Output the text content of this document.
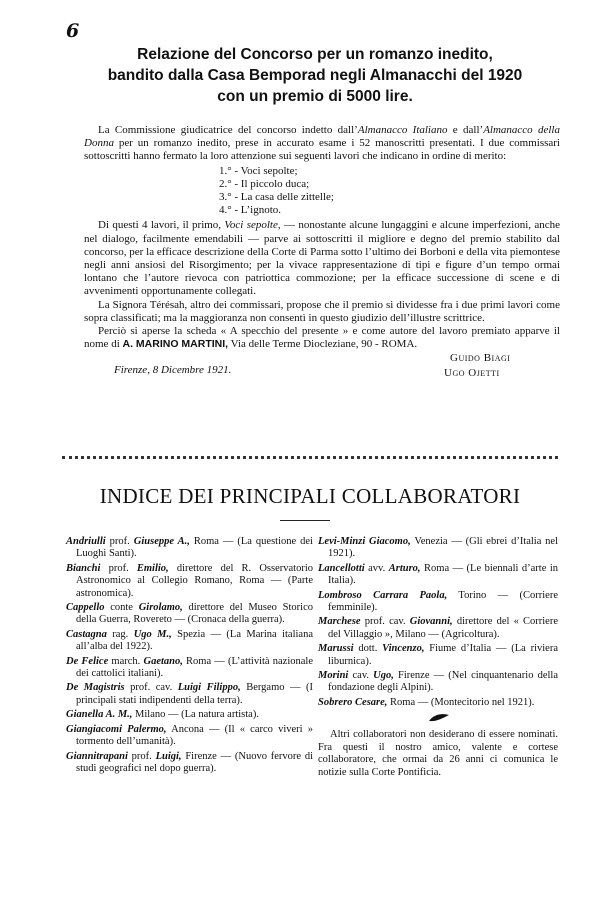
6
Relazione del Concorso per un romanzo inedito,
bandito dalla Casa Bemporad negli Almanacchi del 1920
con un premio di 5000 lire.

La Commissione giudicatrice del concorso indetto dall’Almanacco Italiano e dall’Almanacco della Donna per un romanzo inedito, prese in accurato esame i 52 manoscritti presentati. I due commissari sottoscritti hanno fermato la loro attenzione sui seguenti lavori che indicano in ordine di merito:

1.° - Voci sepolte;
2.° - Il piccolo duca;
3.° - La casa delle zittelle;
4.° - L’ignoto.

Di questi 4 lavori, il primo, Voci sepolte, — nonostante alcune lungaggini e alcune imperfezioni, anche nel dialogo, facilmente emendabili — parve ai sottoscritti il migliore e degno del premio stabilito dal concorso, per la efficace descrizione della Corte di Parma sotto l’ultimo dei Borboni e della vita piemontese negli anni ansiosi del Risorgimento; per la vivace rappresentazione di tipi e figure d’un tempo ormai lontano che l’autore rievoca con patriottica commozione; per la efficace successione di scene e di avvenimenti opportunamente collegati.

La Signora Térésah, altro dei commissari, propose che il premio si dividesse fra i due primi lavori come sopra classificati; ma la maggioranza non consentì in questo giudizio dell’illustre scrittrice.

Perciò si aperse la scheda « A specchio del presente » e come autore del lavoro premiato apparve il nome di A. MARINO MARTINI, Via delle Terme Diocleziane, 90 - ROMA.

Guido Biagi
Firenze, 8 Dicembre 1921.	Ugo Ojetti
INDICE DEI PRINCIPALI COLLABORATORI
Andriulli prof. Giuseppe A., Roma — (La questione dei Luoghi Santi).
Bianchi prof. Emilio, direttore del R. Osservatorio Astronomico al Collegio Romano, Roma — (Parte astronomica).
Cappello conte Girolamo, direttore del Museo Storico della Guerra, Rovereto — (Cronaca della guerra).
Castagna rag. Ugo M., Spezia — (La Marina italiana all’alba del 1922).
De Felice march. Gaetano, Roma — (L’attività nazionale dei cattolici italiani).
De Magistris prof. cav. Luigi Filippo, Bergamo — (I principali stati indipendenti della terra).
Gianella A. M., Milano — (La natura artista).
Giangiacomi Palermo, Ancona — (Il « carco viveri » tormento dell’umanità).
Giannitrapani prof. Luigi, Firenze — (Nuovo fervore di studi geografici nel dopo guerra).
Levi-Minzi Giacomo, Venezia — (Gli ebrei d’Italia nel 1921).
Lancellotti avv. Arturo, Roma — (Le biennali d’arte in Italia).
Lombroso Carrara Paola, Torino — (Corriere femminile).
Marchese prof. cav. Giovanni, direttore del « Corriere del Villaggio », Milano — (Agricoltura).
Marussi dott. Vincenzo, Fiume d’Italia — (La riviera liburnica).
Morini cav. Ugo, Firenze — (Nel cinquantenario della fondazione degli Alpini).
Sobrero Cesare, Roma — (Montecitorio nel 1921).

Altri collaboratori non desiderano di essere nominati. Fra questi il nostro amico, valente e cortese collaboratore, che ormai da 26 anni ci comunica le notizie sulla Corte Pontificia.
